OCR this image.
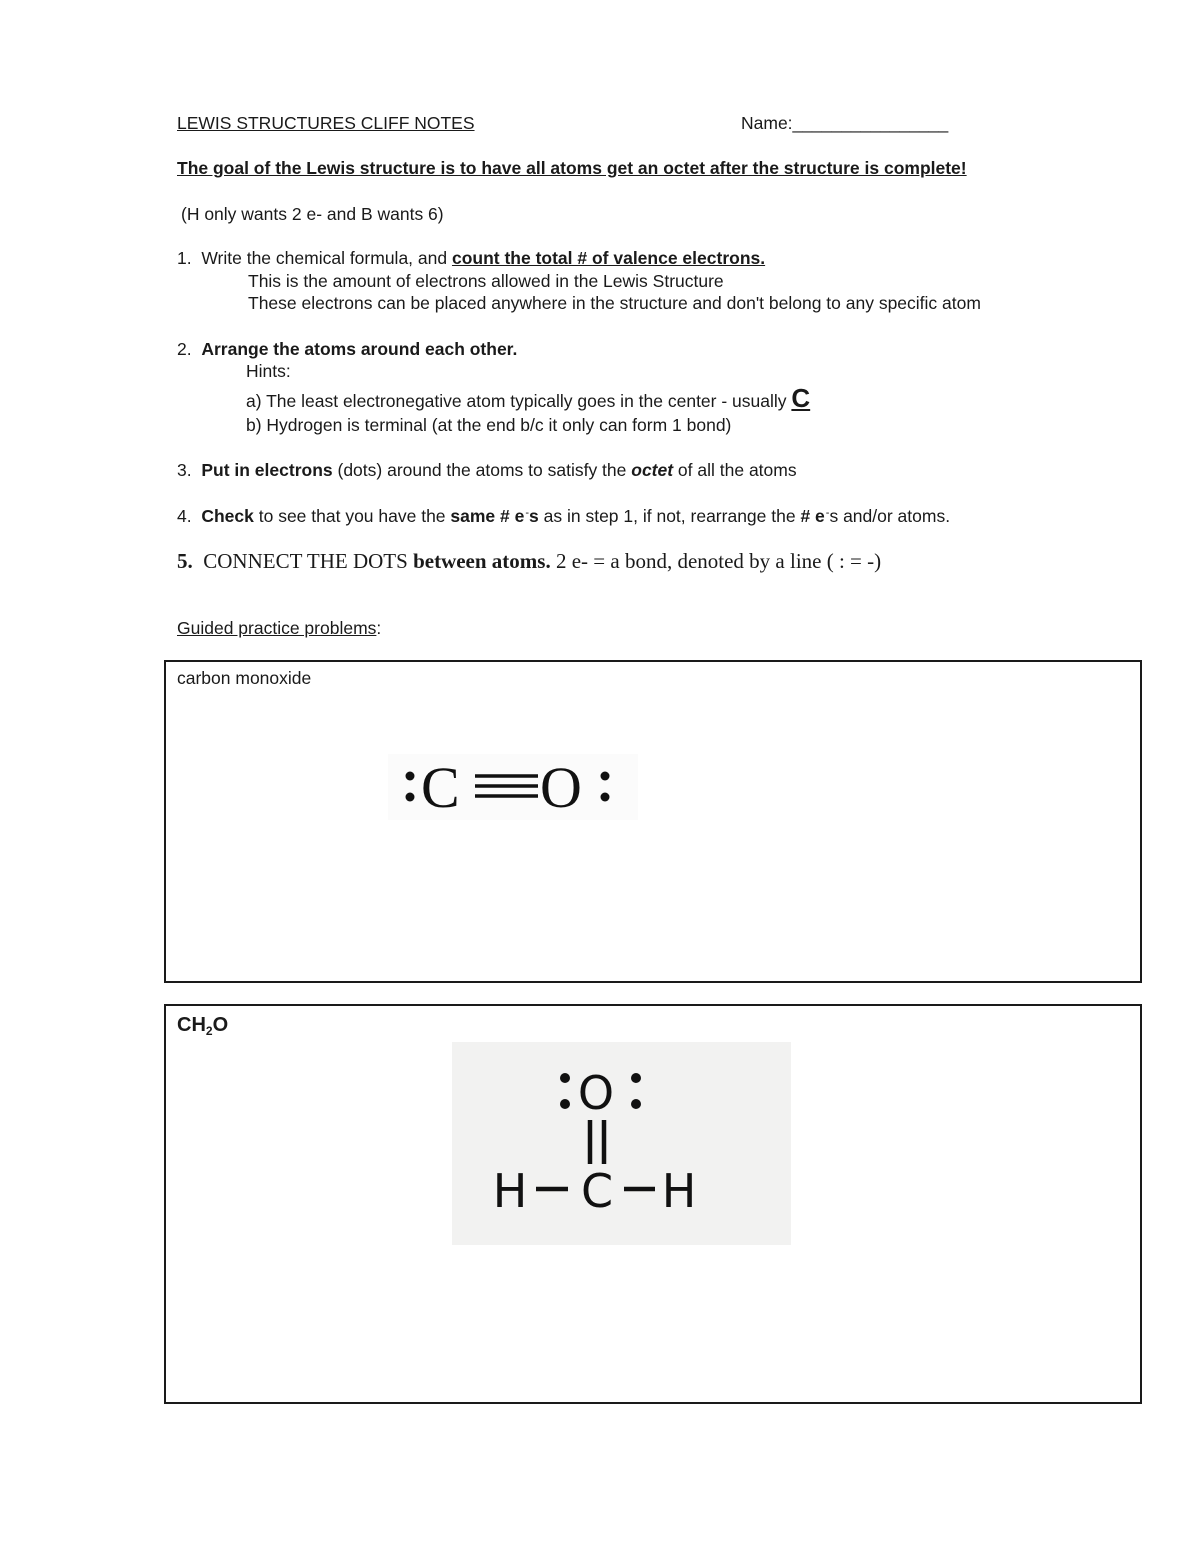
LEWIS STRUCTURES CLIFF NOTES	Name:________________
The goal of the Lewis structure is to have all atoms get an octet after the structure is complete!
(H only wants 2 e- and B wants 6)
1. Write the chemical formula, and count the total # of valence electrons.
This is the amount of electrons allowed in the Lewis Structure
These electrons can be placed anywhere in the structure and don't belong to any specific atom
2. Arrange the atoms around each other.
Hints:
a) The least electronegative atom typically goes in the center - usually C
b) Hydrogen is terminal (at the end b/c it only can form 1 bond)
3. Put in electrons (dots) around the atoms to satisfy the octet of all the atoms
4. Check to see that you have the same # e-s as in step 1, if not, rearrange the # e-s and/or atoms.
5. CONNECT THE DOTS between atoms. 2 e- = a bond, denoted by a line ( : = -)
Guided practice problems:
carbon monoxide
C O
$CH_2O$
O
H C H
